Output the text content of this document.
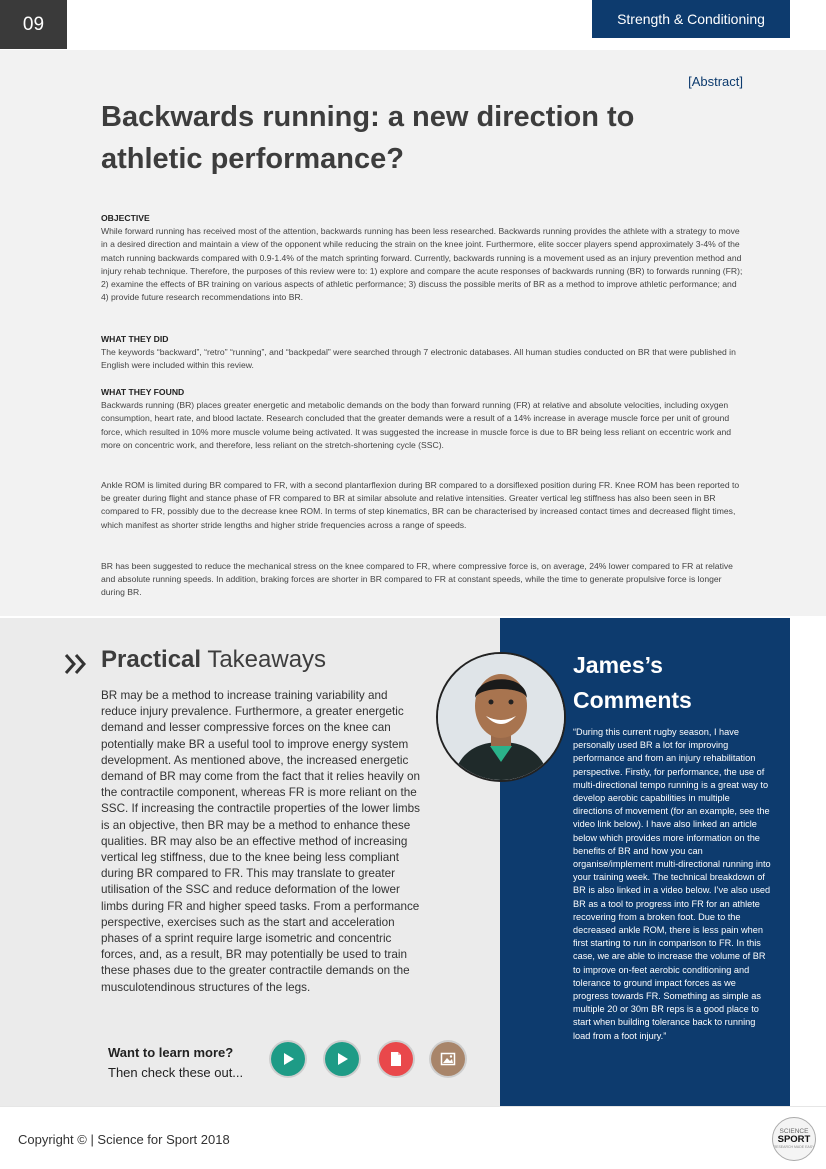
09	Strength & Conditioning
[Abstract]
Backwards running: a new direction to athletic performance?
OBJECTIVE

While forward running has received most of the attention, backwards running has been less researched. Backwards running provides the athlete with a strategy to move in a desired direction and maintain a view of the opponent while reducing the strain on the knee joint. Furthermore, elite soccer players spend approximately 3-4% of the match running backwards compared with 0.9-1.4% of the match sprinting forward. Currently, backwards running is a movement used as an injury prevention method and injury rehab technique. Therefore, the purposes of this review were to: 1) explore and compare the acute responses of backwards running (BR) to forwards running (FR); 2) examine the effects of BR training on various aspects of athletic performance; 3) discuss the possible merits of BR as a method to improve athletic performance; and 4) provide future research recommendations into BR.

WHAT THEY DID

The keywords “backward”, “retro” “running”, and “backpedal” were searched through 7 electronic databases. All human studies conducted on BR that were published in English were included within this review.

WHAT THEY FOUND

Backwards running (BR) places greater energetic and metabolic demands on the body than forward running (FR) at relative and absolute velocities, including oxygen consumption, heart rate, and blood lactate. Research concluded that the greater demands were a result of a 14% increase in average muscle force per unit of ground force, which resulted in 10% more muscle volume being activated. It was suggested the increase in muscle force is due to BR being less reliant on eccentric work and more on concentric work, and therefore, less reliant on the stretch-shortening cycle (SSC).

Ankle ROM is limited during BR compared to FR, with a second plantarflexion during BR compared to a dorsiflexed position during FR. Knee ROM has been reported to be greater during flight and stance phase of FR compared to BR at similar absolute and relative intensities. Greater vertical leg stiffness has also been seen in BR compared to FR, possibly due to the decrease knee ROM. In terms of step kinematics, BR can be characterised by increased contact times and decreased flight times, which manifest as shorter stride lengths and higher stride frequencies across a range of speeds.

BR has been suggested to reduce the mechanical stress on the knee compared to FR, where compressive force is, on average, 24% lower compared to FR at relative and absolute running speeds. In addition, braking forces are shorter in BR compared to FR at constant speeds, while the time to generate propulsive force is longer during BR.

Practical Takeaways

BR may be a method to increase training variability and reduce injury prevalence. Furthermore, a greater energetic demand and lesser compressive forces on the knee can potentially make BR a useful tool to improve energy system development. As mentioned above, the increased energetic demand of BR may come from the fact that it relies heavily on the contractile component, whereas FR is more reliant on the SSC. If increasing the contractile properties of the lower limbs is an objective, then BR may be a method to enhance these qualities. BR may also be an effective method of increasing vertical leg stiffness, due to the knee being less compliant during BR compared to FR. This may translate to greater utilisation of the SSC and reduce deformation of the lower limbs during FR and higher speed tasks. From a performance perspective, exercises such as the start and acceleration phases of a sprint require large isometric and concentric forces, and, as a result, BR may potentially be used to train these phases due to the greater contractile demands on the musculotendinous structures of the legs.

James’s Comments

“During this current rugby season, I have personally used BR a lot for improving performance and from an injury rehabilitation perspective. Firstly, for performance, the use of multi-directional tempo running is a great way to develop aerobic capabilities in multiple directions of movement (for an example, see the video link below). I have also linked an article below which provides more information on the benefits of BR and how you can organise/implement multi-directional running into your training week. The technical breakdown of BR is also linked in a video below. I’ve also used BR as a tool to progress into FR for an athlete recovering from a broken foot. Due to the decreased ankle ROM, there is less pain when first starting to run in comparison to FR. In this case, we are able to increase the volume of BR to improve on-feet aerobic conditioning and tolerance to ground impact forces as we progress towards FR. Something as simple as multiple 20 or 30m BR reps is a good place to start when building tolerance back to running load from a foot injury.”

Want to learn more?
Then check these out...
Copyright © | Science for Sport 2018
SCIENCE
SPORT
RESEARCH MADE EASY
